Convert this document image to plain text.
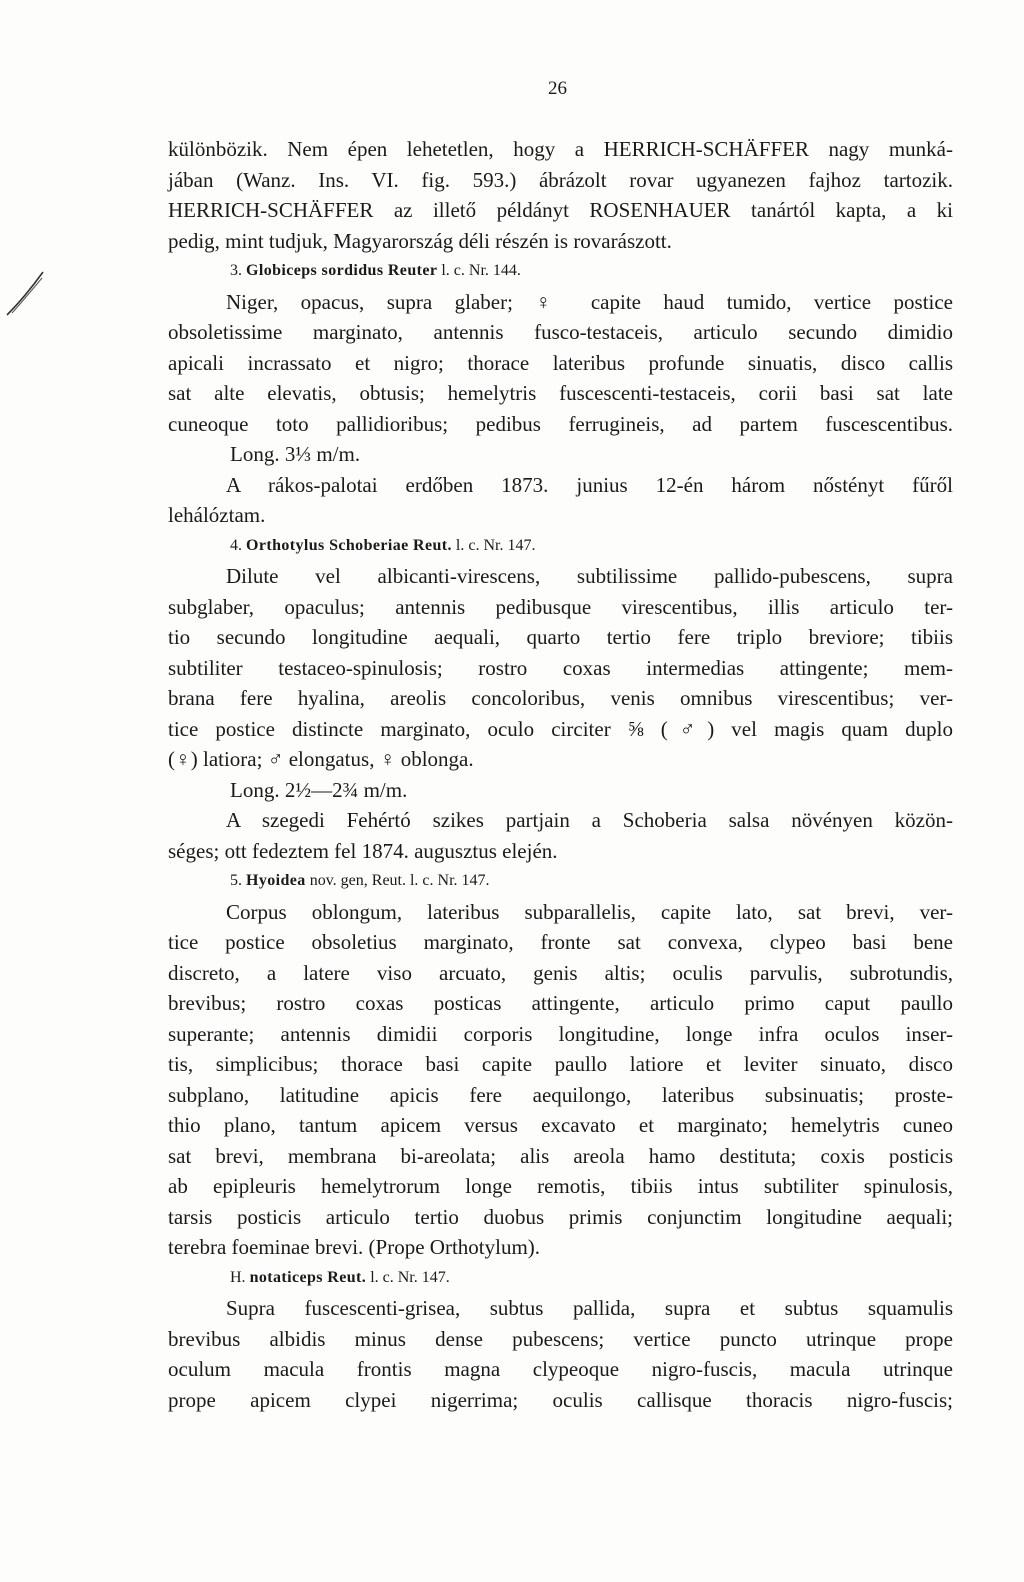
26

különbözik. Nem épen lehetetlen, hogy a HERRICH-SCHÄFFER nagy munká-

jában (Wanz. Ins. VI. fig. 593.) ábrázolt rovar ugyanezen fajhoz tartozik.

HERRICH-SCHÄFFER az illető példányt ROSENHAUER tanártól kapta, a ki

pedig, mint tudjuk, Magyarország déli részén is rovarászott.

3. Globiceps sordidus Reuter l. c. Nr. 144.

Niger, opacus, supra glaber; ♀ capite haud tumido, vertice postice

obsoletissime marginato, antennis fusco-testaceis, articulo secundo dimidio

apicali incrassato et nigro; thorace lateribus profunde sinuatis, disco callis

sat alte elevatis, obtusis; hemelytris fuscescenti-testaceis, corii basi sat late

cuneoque toto pallidioribus; pedibus ferrugineis, ad partem fuscescentibus.

Long. 3⅓ m/m.

A rákos-palotai erdőben 1873. junius 12-én három nőstényt fűről

lehálóztam.

4. Orthotylus Schoberiae Reut. l. c. Nr. 147.

Dilute vel albicanti-virescens, subtilissime pallido-pubescens, supra

subglaber, opaculus; antennis pedibusque virescentibus, illis articulo ter-

tio secundo longitudine aequali, quarto tertio fere triplo breviore; tibiis

subtiliter testaceo-spinulosis; rostro coxas intermedias attingente; mem-

brana fere hyalina, areolis concoloribus, venis omnibus virescentibus; ver-

tice postice distincte marginato, oculo circiter ⅝ (♂) vel magis quam duplo

(♀) latiora; ♂ elongatus, ♀ oblonga.

Long. 2½—2¾ m/m.

A szegedi Fehértó szikes partjain a Schoberia salsa növényen közön-

séges; ott fedeztem fel 1874. augusztus elején.

5. Hyoidea nov. gen, Reut. l. c. Nr. 147.

Corpus oblongum, lateribus subparallelis, capite lato, sat brevi, ver-

tice postice obsoletius marginato, fronte sat convexa, clypeo basi bene

discreto, a latere viso arcuato, genis altis; oculis parvulis, subrotundis,

brevibus; rostro coxas posticas attingente, articulo primo caput paullo

superante; antennis dimidii corporis longitudine, longe infra oculos inser-

tis, simplicibus; thorace basi capite paullo latiore et leviter sinuato, disco

subplano, latitudine apicis fere aequilongo, lateribus subsinuatis; proste-

thio plano, tantum apicem versus excavato et marginato; hemelytris cuneo

sat brevi, membrana bi-areolata; alis areola hamo destituta; coxis posticis

ab epipleuris hemelytrorum longe remotis, tibiis intus subtiliter spinulosis,

tarsis posticis articulo tertio duobus primis conjunctim longitudine aequali;

terebra foeminae brevi. (Prope Orthotylum).

H. notaticeps Reut. l. c. Nr. 147.

Supra fuscescenti-grisea, subtus pallida, supra et subtus squamulis

brevibus albidis minus dense pubescens; vertice puncto utrinque prope

oculum macula frontis magna clypeoque nigro-fuscis, macula utrinque

prope apicem clypei nigerrima; oculis callisque thoracis nigro-fuscis;
